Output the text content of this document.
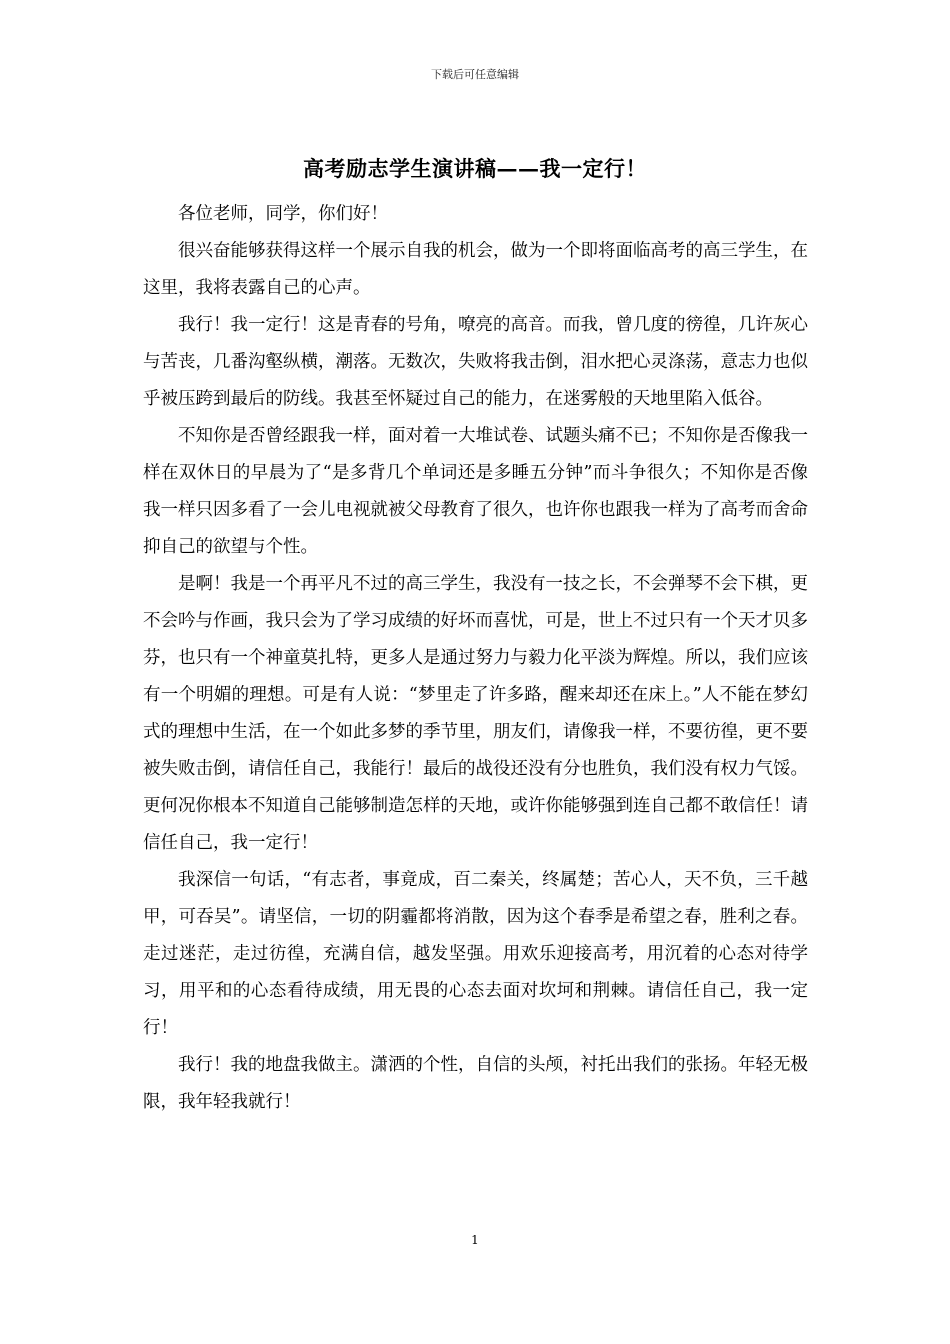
下载后可任意编辑
高考励志学生演讲稿——我一定行！

各位老师，同学，你们好！

很兴奋能够获得这样一个展示自我的机会，做为一个即将面临高考的高三学生，在这里，我将表露自己的心声。

我行！我一定行！这是青春的号角，嘹亮的高音。而我，曾几度的徬徨，几许灰心与苦丧，几番沟壑纵横，潮落。无数次，失败将我击倒，泪水把心灵涤荡，意志力也似乎被压跨到最后的防线。我甚至怀疑过自己的能力，在迷雾般的天地里陷入低谷。

不知你是否曾经跟我一样，面对着一大堆试卷、试题头痛不已；不知你是否像我一样在双休日的早晨为了“是多背几个单词还是多睡五分钟”而斗争很久；不知你是否像我一样只因多看了一会儿电视就被父母教育了很久，也许你也跟我一样为了高考而舍命抑自己的欲望与个性。

是啊！我是一个再平凡不过的高三学生，我没有一技之长，不会弹琴不会下棋，更不会吟与作画，我只会为了学习成绩的好坏而喜忧，可是，世上不过只有一个天才贝多芬，也只有一个神童莫扎特，更多人是通过努力与毅力化平淡为辉煌。所以，我们应该有一个明媚的理想。可是有人说：“梦里走了许多路，醒来却还在床上。”人不能在梦幻式的理想中生活，在一个如此多梦的季节里，朋友们，请像我一样，不要彷徨，更不要被失败击倒，请信任自己，我能行！最后的战役还没有分也胜负，我们没有权力气馁。更何况你根本不知道自己能够制造怎样的天地，或许你能够强到连自己都不敢信任！请信任自己，我一定行！

我深信一句话，“有志者，事竟成，百二秦关，终属楚；苦心人，天不负，三千越甲，可吞吴”。请坚信，一切的阴霾都将消散，因为这个春季是希望之春，胜利之春。走过迷茫，走过彷徨，充满自信，越发坚强。用欢乐迎接高考，用沉着的心态对待学习，用平和的心态看待成绩，用无畏的心态去面对坎坷和荆棘。请信任自己，我一定行！

我行！我的地盘我做主。潇洒的个性，自信的头颅，衬托出我们的张扬。年轻无极限，我年轻我就行！

1
